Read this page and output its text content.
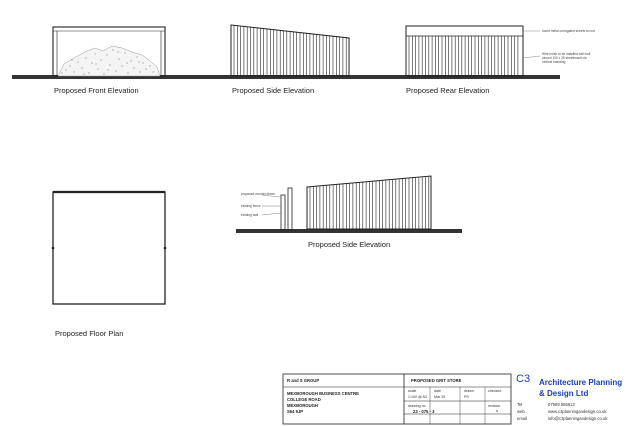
Proposed Front Elevation	Proposed Side Elevation	Proposed Rear Elevation
Proposed Side Elevation
Proposed Floor Plan
Insert metal corrugated sheets to roof
Wire mesh to be installed with bolt pinned 100 x 25 sheetboard via vertical boarding
proposed wooden fence
existing fence
existing wall
R and S GROUP
MEXBOROUGH BUSINESS CENTRE
COLLEGE ROAD
MEXBOROUGH
S64 9JP
PROPOSED GRIT STORE
scale
1:100 @ A3
date
Mar 25
drawn
PS
checked
drawing no
23 - 075 - 3
revision
a
C3 Architecture Planning
& Design Ltd
Tel	07969 886613
web	www.c3planningandesign.co.uk
email	info@c3planningandesign.co.uk
